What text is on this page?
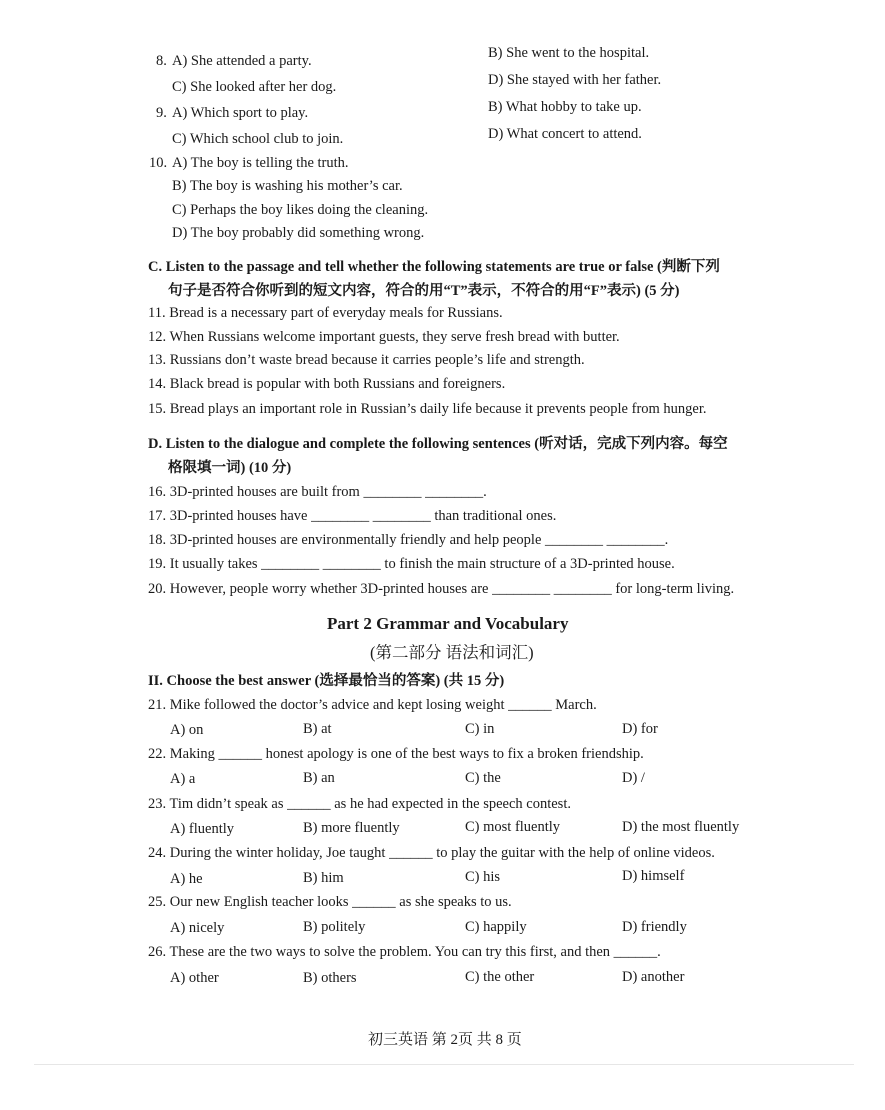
8. A) She attended a party.	B) She went to the hospital.
C) She looked after her dog.	D) She stayed with her father.
9. A) Which sport to play.	B) What hobby to take up.
C) Which school club to join.	D) What concert to attend.
10. A) The boy is telling the truth.
B) The boy is washing his mother’s car.
C) Perhaps the boy likes doing the cleaning.
D) The boy probably did something wrong.
C. Listen to the passage and tell whether the following statements are true or false (判断下列
句子是否符合你听到的短文内容，符合的用“T”表示，不符合的用“F”表示) (5 分)
11. Bread is a necessary part of everyday meals for Russians.
12. When Russians welcome important guests, they serve fresh bread with butter.
13. Russians don’t waste bread because it carries people’s life and strength.
14. Black bread is popular with both Russians and foreigners.
15. Bread plays an important role in Russian’s daily life because it prevents people from hunger.
D. Listen to the dialogue and complete the following sentences (听对话，完成下列内容。每空
格限填一词) (10 分)
16. 3D-printed houses are built from ________ ________.
17. 3D-printed houses have ________ ________ than traditional ones.
18. 3D-printed houses are environmentally friendly and help people ________ ________.
19. It usually takes ________ ________ to finish the main structure of a 3D-printed house.
20. However, people worry whether 3D-printed houses are ________ ________ for long-term living.
Part 2 Grammar and Vocabulary
(第二部分 语法和词汇)
II. Choose the best answer (选择最恰当的答案) (共 15 分)
21. Mike followed the doctor’s advice and kept losing weight ______ March.
A) on	B) at	C) in	D) for
22. Making ______ honest apology is one of the best ways to fix a broken friendship.
A) a	B) an	C) the	D) /
23. Tim didn’t speak as ______ as he had expected in the speech contest.
A) fluently	B) more fluently	C) most fluently	D) the most fluently
24. During the winter holiday, Joe taught ______ to play the guitar with the help of online videos.
A) he	B) him	C) his	D) himself
25. Our new English teacher looks ______ as she speaks to us.
A) nicely	B) politely	C) happily	D) friendly
26. These are the two ways to solve the problem. You can try this first, and then ______.
A) other	B) others	C) the other	D) another
初三英语 第 2页 共 8 页
